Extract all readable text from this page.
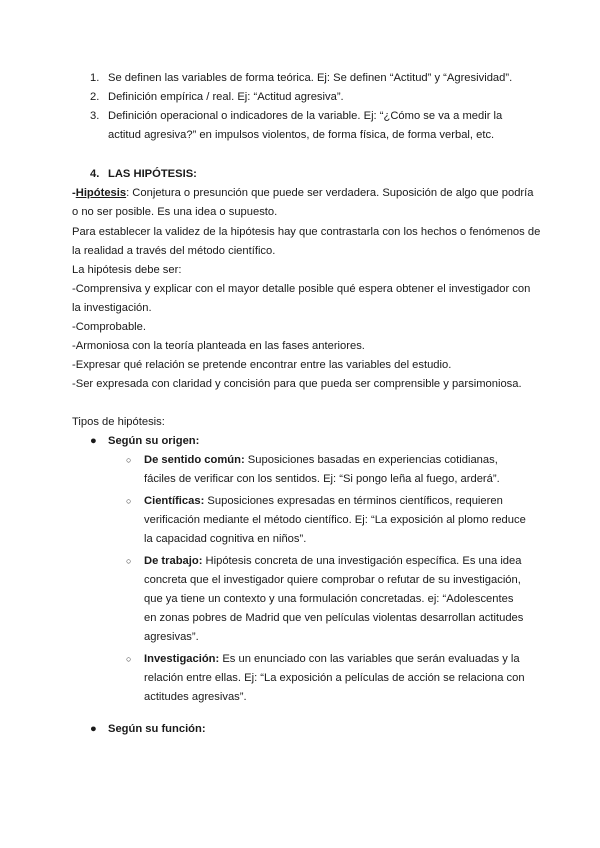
1. Se definen las variables de forma teórica. Ej: Se definen “Actitud” y “Agresividad”.
2. Definición empírica / real. Ej: “Actitud agresiva”.
3. Definición operacional o indicadores de la variable. Ej: “¿Cómo se va a medir la actitud agresiva?” en impulsos violentos, de forma física, de forma verbal, etc.

4. LAS HIPÓTESIS:

-Hipótesis: Conjetura o presunción que puede ser verdadera. Suposición de algo que podría o no ser posible. Es una idea o supuesto.

Para establecer la validez de la hipótesis hay que contrastarla con los hechos o fenómenos de la realidad a través del método científico.

La hipótesis debe ser:

-Comprensiva y explicar con el mayor detalle posible qué espera obtener el investigador con la investigación.

-Comprobable.

-Armoniosa con la teoría planteada en las fases anteriores.

-Expresar qué relación se pretende encontrar entre las variables del estudio.

-Ser expresada con claridad y concisión para que pueda ser comprensible y parsimoniosa.

Tipos de hipótesis:

● Según su origen:

○ De sentido común: Suposiciones basadas en experiencias cotidianas, fáciles de verificar con los sentidos. Ej: “Si pongo leña al fuego, arderá”.
○ Científicas: Suposiciones expresadas en términos científicos, requieren verificación mediante el método científico. Ej: “La exposición al plomo reduce la capacidad cognitiva en niños”.
○ De trabajo: Hipótesis concreta de una investigación específica. Es una idea concreta que el investigador quiere comprobar o refutar de su investigación, que ya tiene un contexto y una formulación concretadas. ej: “Adolescentes en zonas pobres de Madrid que ven películas violentas desarrollan actitudes agresivas”.
○ Investigación: Es un enunciado con las variables que serán evaluadas y la relación entre ellas. Ej: “La exposición a películas de acción se relaciona con actitudes agresivas”.

● Según su función:
